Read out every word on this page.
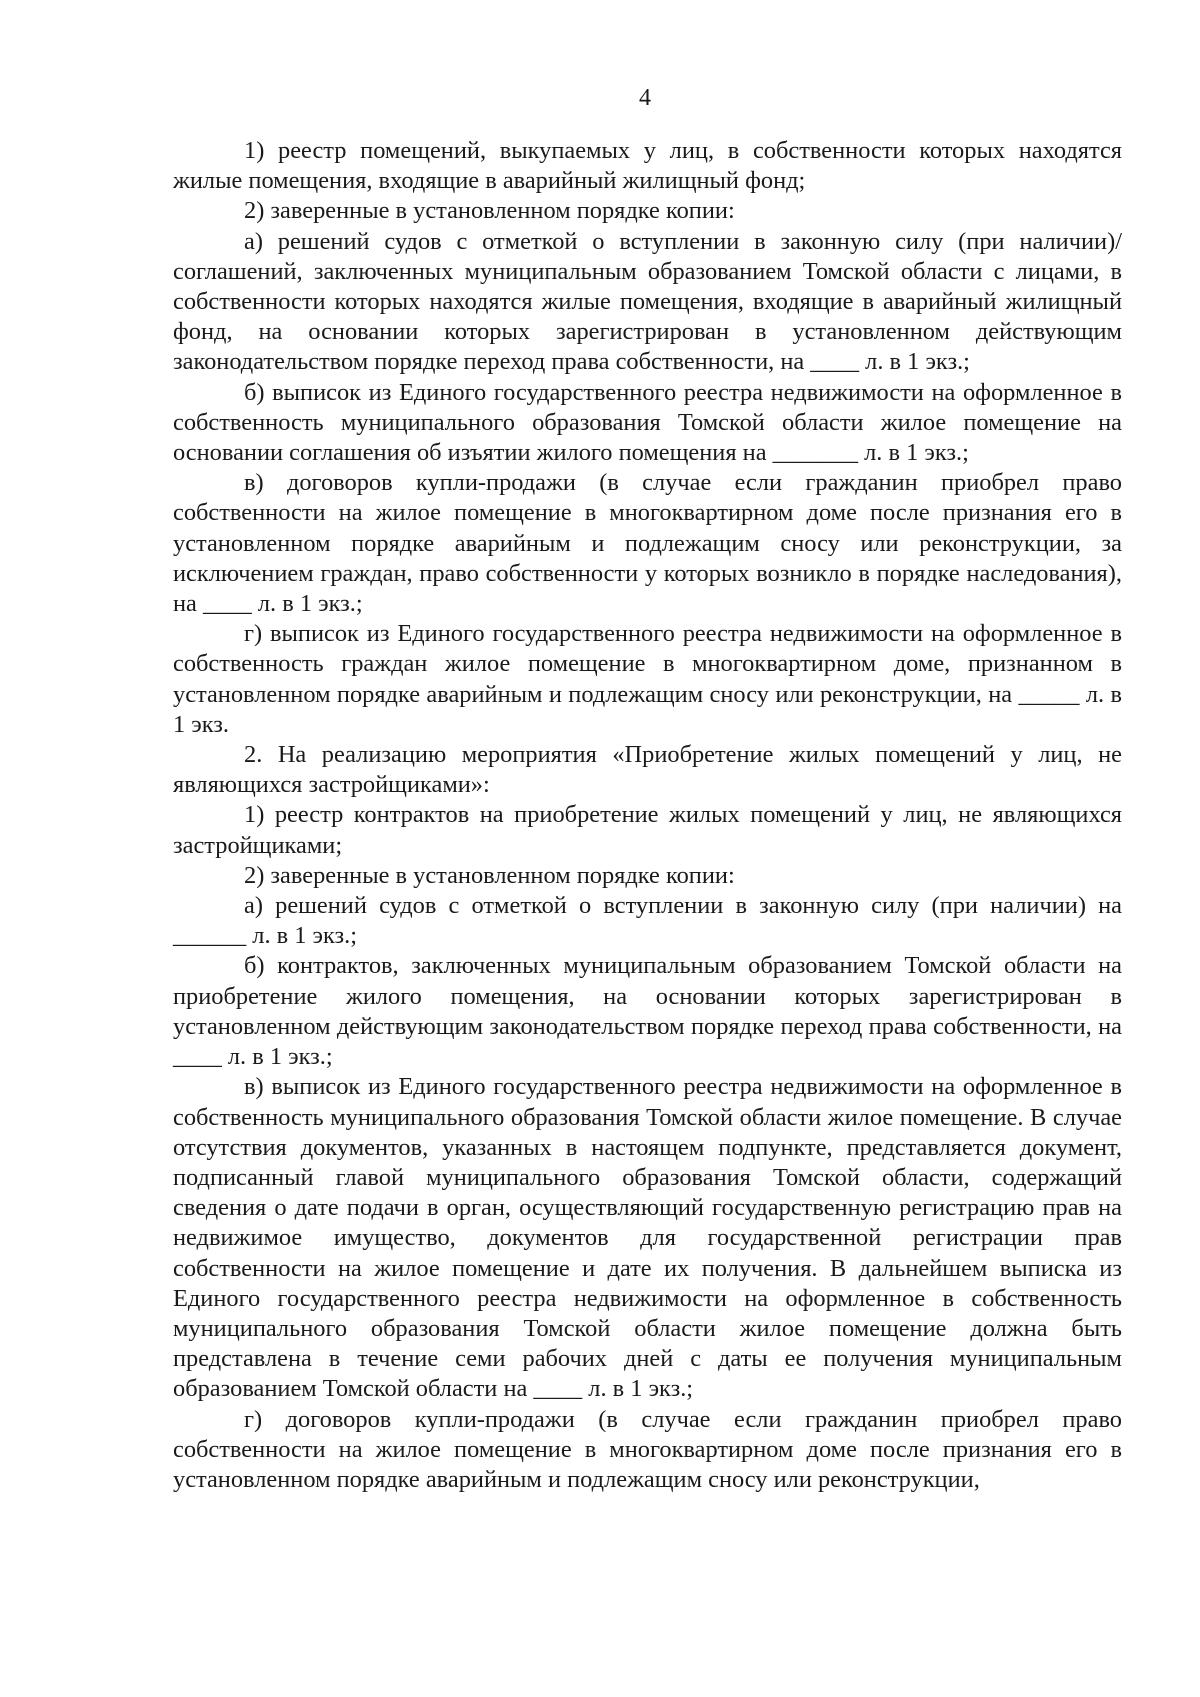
4

1) реестр помещений, выкупаемых у лиц, в собственности которых находятся жилые помещения, входящие в аварийный жилищный фонд;

2) заверенные в установленном порядке копии:

а) решений судов с отметкой о вступлении в законную силу (при наличии)/соглашений, заключенных муниципальным образованием Томской области с лицами, в собственности которых находятся жилые помещения, входящие в аварийный жилищный фонд, на основании которых зарегистрирован в установленном действующим законодательством порядке переход права собственности, на ____ л. в 1 экз.;

б) выписок из Единого государственного реестра недвижимости на оформленное в собственность муниципального образования Томской области жилое помещение на основании соглашения об изъятии жилого помещения на _______ л. в 1 экз.;

в) договоров купли-продажи (в случае если гражданин приобрел право собственности на жилое помещение в многоквартирном доме после признания его в установленном порядке аварийным и подлежащим сносу или реконструкции, за исключением граждан, право собственности у которых возникло в порядке наследования), на ____ л. в 1 экз.;

г) выписок из Единого государственного реестра недвижимости на оформленное в собственность граждан жилое помещение в многоквартирном доме, признанном в установленном порядке аварийным и подлежащим сносу или реконструкции, на _____ л. в 1 экз.

2. На реализацию мероприятия «Приобретение жилых помещений у лиц, не являющихся застройщиками»:

1) реестр контрактов на приобретение жилых помещений у лиц, не являющихся застройщиками;

2) заверенные в установленном порядке копии:

а) решений судов с отметкой о вступлении в законную силу (при наличии) на ______ л. в 1 экз.;

б) контрактов, заключенных муниципальным образованием Томской области на приобретение жилого помещения, на основании которых зарегистрирован в установленном действующим законодательством порядке переход права собственности, на ____ л. в 1 экз.;

в) выписок из Единого государственного реестра недвижимости на оформленное в собственность муниципального образования Томской области жилое помещение. В случае отсутствия документов, указанных в настоящем подпункте, представляется документ, подписанный главой муниципального образования Томской области, содержащий сведения о дате подачи в орган, осуществляющий государственную регистрацию прав на недвижимое имущество, документов для государственной регистрации прав собственности на жилое помещение и дате их получения. В дальнейшем выписка из Единого государственного реестра недвижимости на оформленное в собственность муниципального образования Томской области жилое помещение должна быть представлена в течение семи рабочих дней с даты ее получения муниципальным образованием Томской области на ____ л. в 1 экз.;

г) договоров купли-продажи (в случае если гражданин приобрел право собственности на жилое помещение в многоквартирном доме после признания его в установленном порядке аварийным и подлежащим сносу или реконструкции,
